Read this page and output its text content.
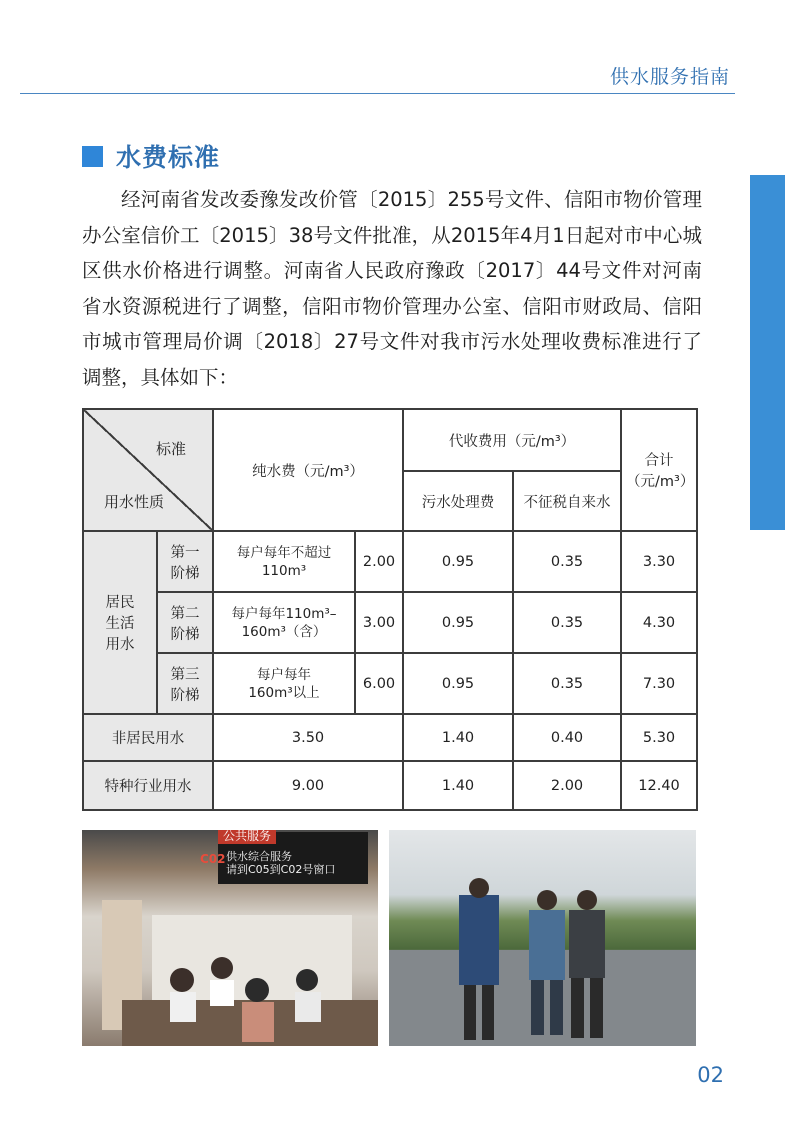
供水服务指南
水费标准

经河南省发改委豫发改价管〔2015〕255号文件、信阳市物价管理办公室信价工〔2015〕38号文件批准，从2015年4月1日起对市中心城区供水价格进行调整。河南省人民政府豫政〔2017〕44号文件对河南省水资源税进行了调整，信阳市物价管理办公室、信阳市财政局、信阳市城市管理局价调〔2018〕27号文件对我市污水处理收费标准进行了调整，具体如下：

标准
用水性质		纯水费（元/m³）		代收费用（元/m³）		合计（元/m³）
				污水处理费	不征税自来水	
居民生活用水	第一阶梯	每户每年不超过110m³	2.00	0.95	0.35	3.30
	第二阶梯	每户每年110m³–160m³（含）	3.00	0.95	0.35	4.30
	第三阶梯	每户每年160m³以上	6.00	0.95	0.35	7.30
非居民用水		3.50		1.40	0.40	5.30
特种行业用水		9.00		1.40	2.00	12.40
公共服务
供水综合服务
请到C05到C02号窗口
C02
02
